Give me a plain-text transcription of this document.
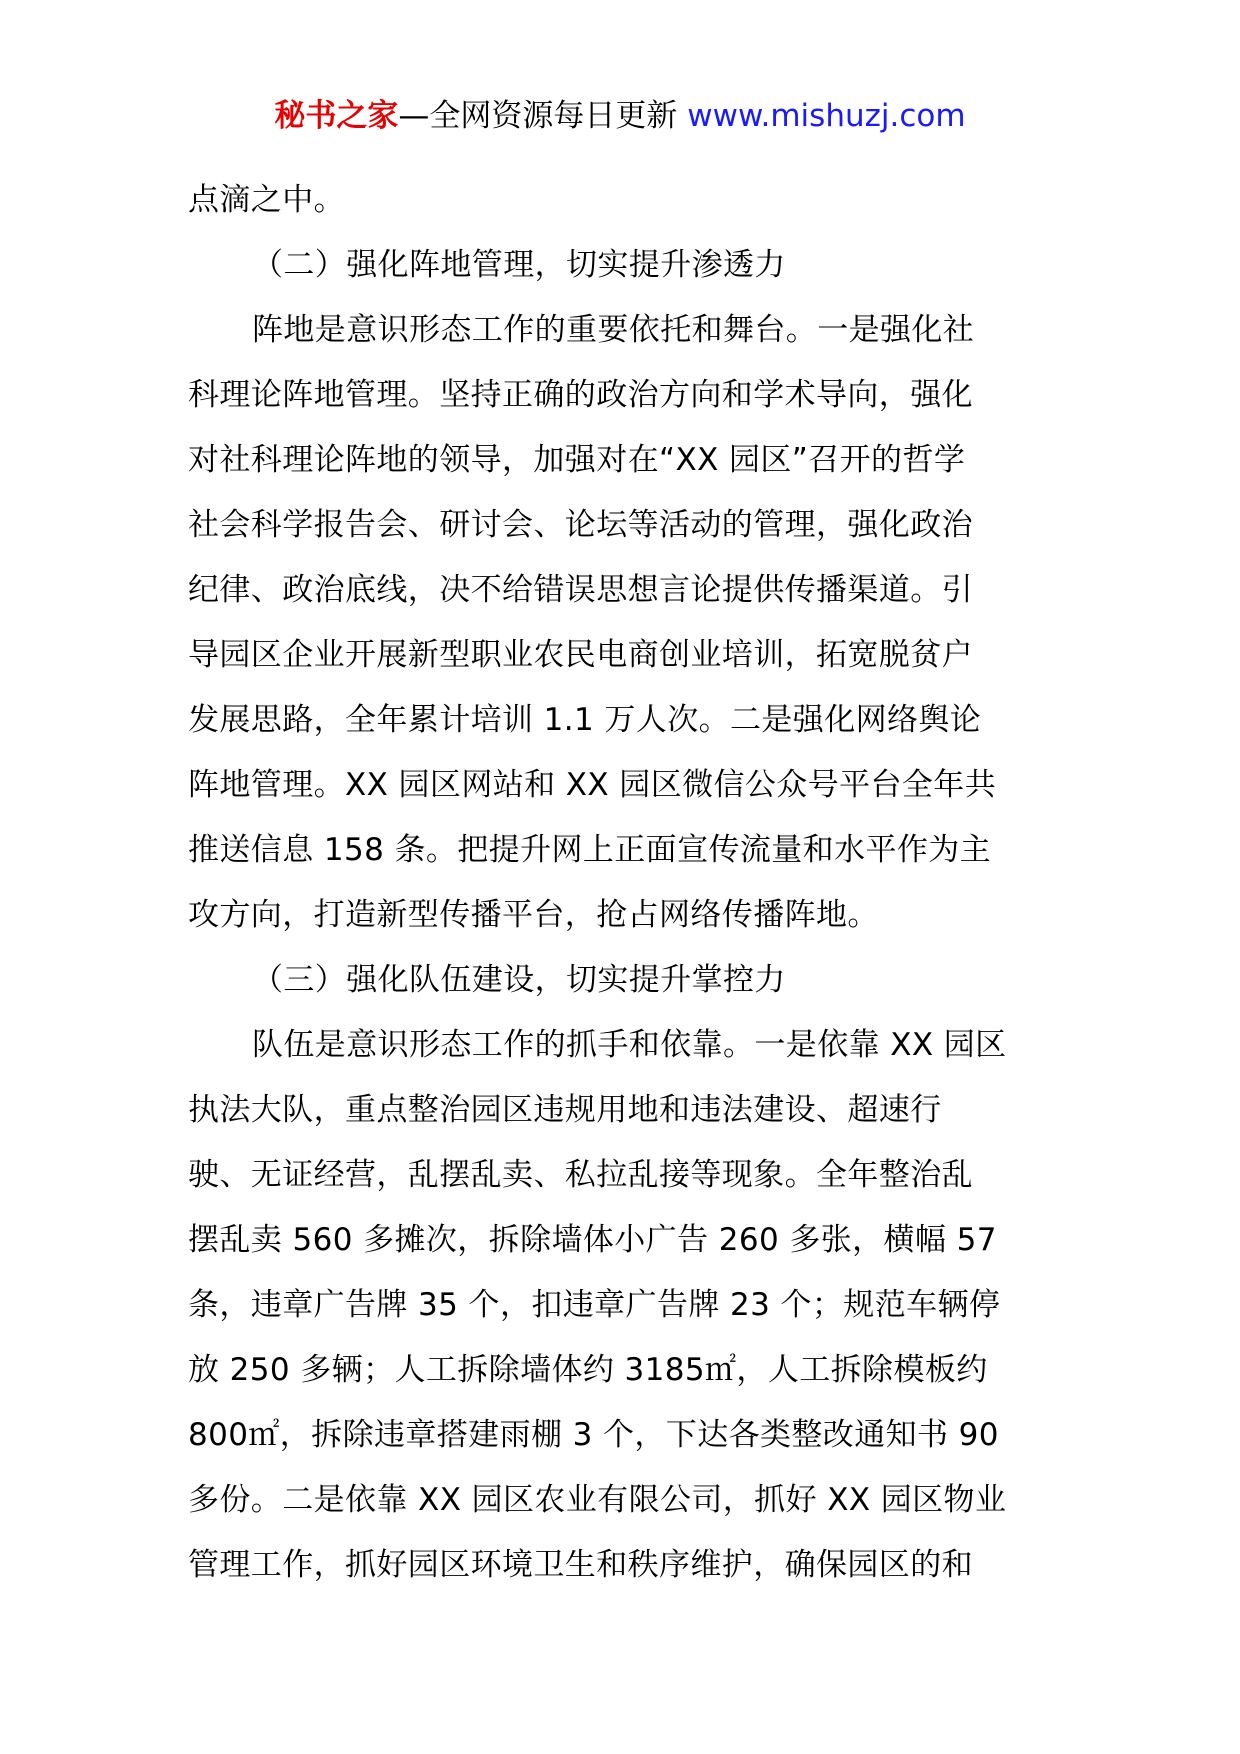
秘书之家—全网资源每日更新 www.mishuzj.com
点滴之中。
（二）强化阵地管理，切实提升渗透力
阵地是意识形态工作的重要依托和舞台。一是强化社
科理论阵地管理。坚持正确的政治方向和学术导向，强化
对社科理论阵地的领导，加强对在“XX 园区”召开的哲学
社会科学报告会、研讨会、论坛等活动的管理，强化政治
纪律、政治底线，决不给错误思想言论提供传播渠道。引
导园区企业开展新型职业农民电商创业培训，拓宽脱贫户
发展思路，全年累计培训 1.1 万人次。二是强化网络舆论
阵地管理。XX 园区网站和 XX 园区微信公众号平台全年共
推送信息 158 条。把提升网上正面宣传流量和水平作为主
攻方向，打造新型传播平台，抢占网络传播阵地。
（三）强化队伍建设，切实提升掌控力
队伍是意识形态工作的抓手和依靠。一是依靠 XX 园区
执法大队，重点整治园区违规用地和违法建设、超速行
驶、无证经营，乱摆乱卖、私拉乱接等现象。全年整治乱
摆乱卖 560 多摊次，拆除墙体小广告 260 多张，横幅 57
条，违章广告牌 35 个，扣违章广告牌 23 个；规范车辆停
放 250 多辆；人工拆除墙体约 3185㎡，人工拆除模板约
800㎡，拆除违章搭建雨棚 3 个，下达各类整改通知书 90
多份。二是依靠 XX 园区农业有限公司，抓好 XX 园区物业
管理工作，抓好园区环境卫生和秩序维护，确保园区的和
